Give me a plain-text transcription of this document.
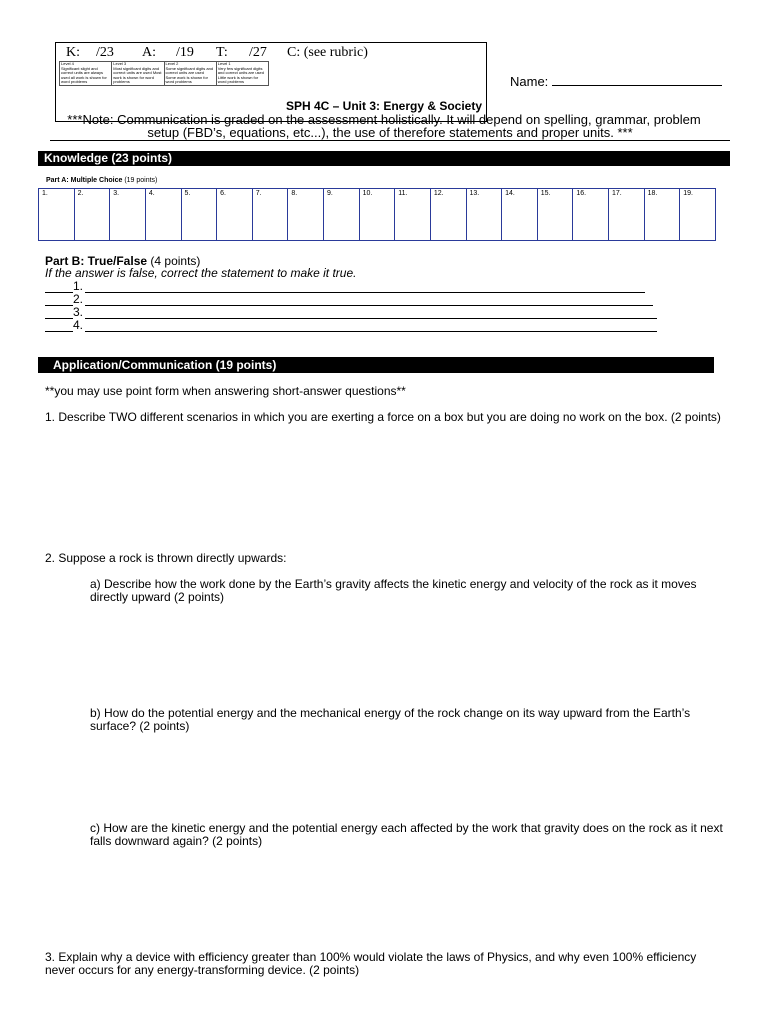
K: /23 A: /19 T: /27 C: (see rubric)
Level 4
Significant slight and correct units are always used all work is shown for word problems

Level 3
Most significant digits and correct units are used Most work is shown for word problems

Level 2
Some significant digits and correct units are used Some work is shown for word problems

Level 1
Very few significant digits and correct units are used Little work is shown for word problems	Name:
SPH 4C – Unit 3: Energy & Society
***Note: Communication is graded on the assessment holistically. It will depend on spelling, grammar, problem
setup (FBD’s, equations, etc...), the use of therefore statements and proper units. ***
Knowledge (23 points)
Part A: Multiple Choice (19 points)
1.	2.	3.	4.	5.	6.	7.	8.	9.	10.	11.	12.	13.	14.	15.	16.	17.	18.	19.
Part B: True/False (4 points)
If the answer is false, correct the statement to make it true.
1.
2.
3.
4.
Application/Communication (19 points)
**you may use point form when answering short-answer questions**
1. Describe TWO different scenarios in which you are exerting a force on a box but you are doing no work on the box. (2 points)
2. Suppose a rock is thrown directly upwards:
a) Describe how the work done by the Earth’s gravity affects the kinetic energy and velocity of the rock as it moves directly upward (2 points)
b) How do the potential energy and the mechanical energy of the rock change on its way upward from the Earth’s surface? (2 points)
c) How are the kinetic energy and the potential energy each affected by the work that gravity does on the rock as it next falls downward again? (2 points)
3. Explain why a device with efficiency greater than 100% would violate the laws of Physics, and why even 100% efficiency never occurs for any energy-transforming device. (2 points)
